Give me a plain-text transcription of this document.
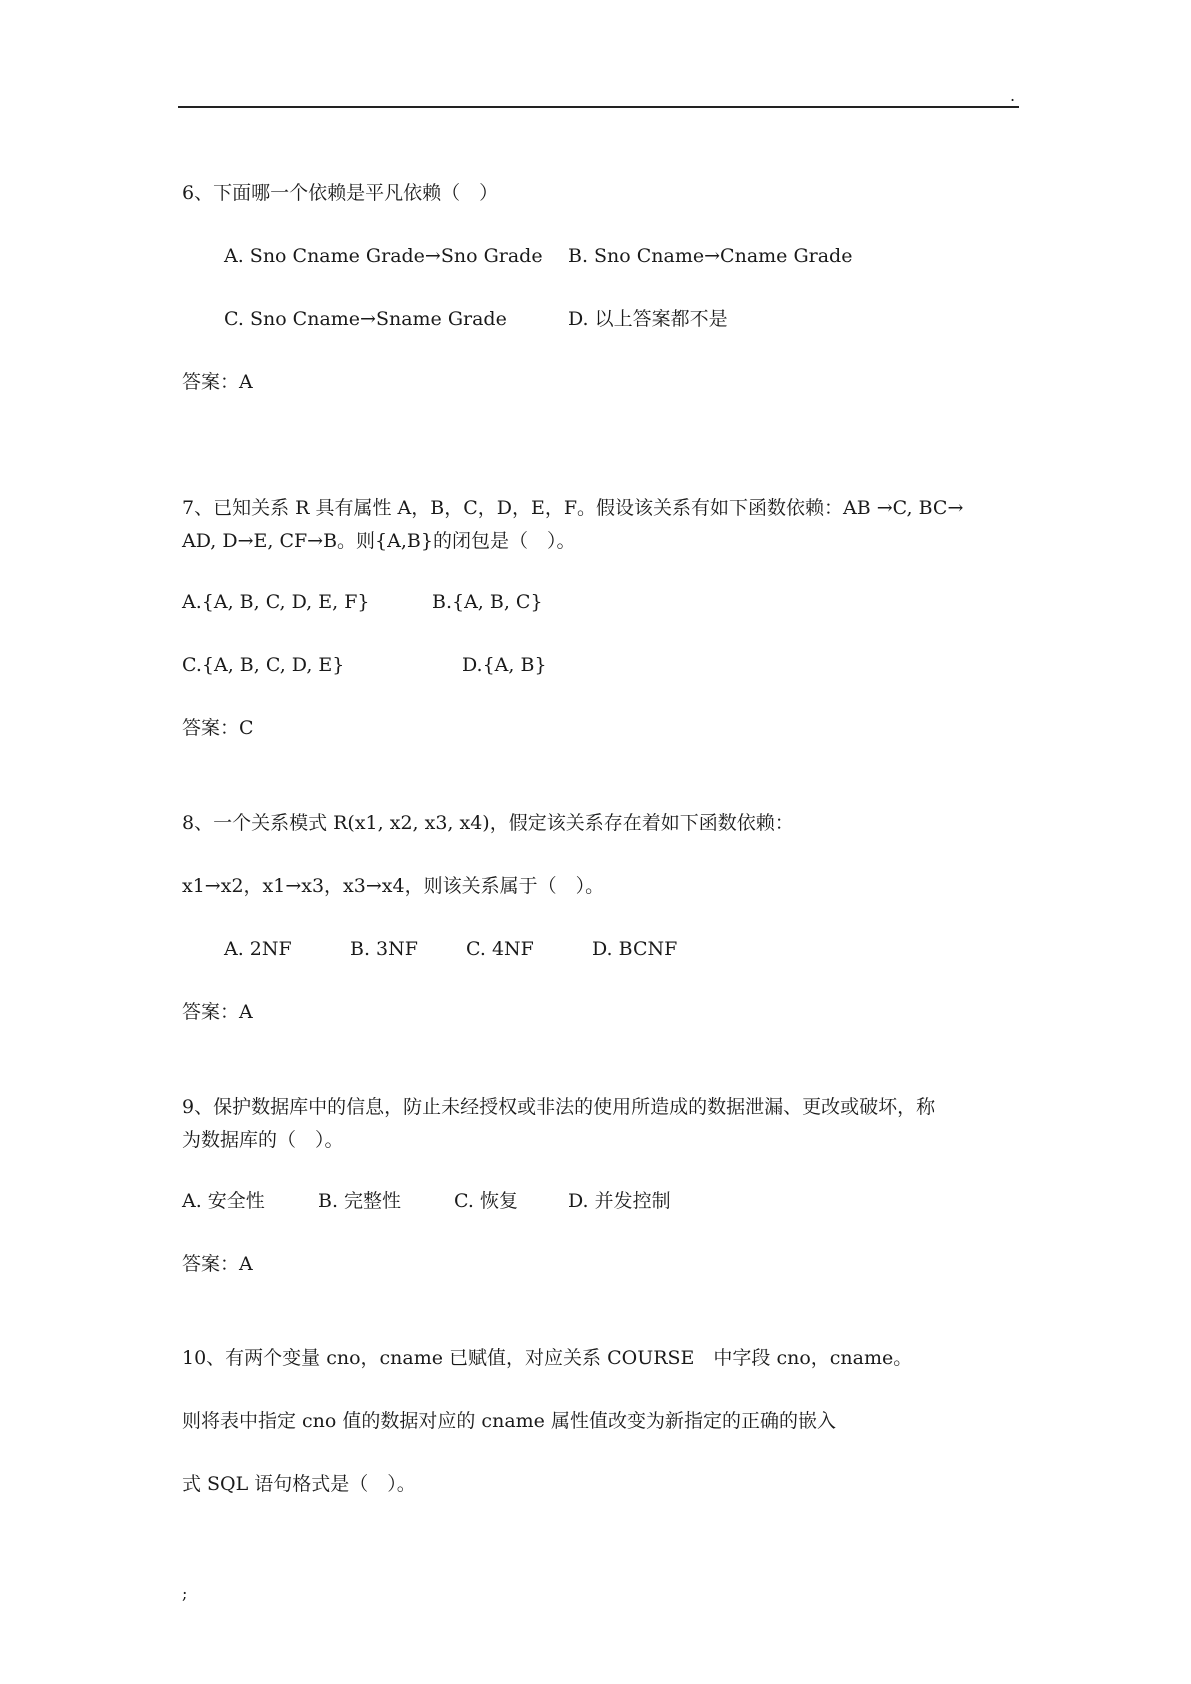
.
6、下面哪一个依赖是平凡依赖（　）
A. Sno Cname Grade→Sno Grade B. Sno Cname→Cname Grade
C. Sno Cname→Sname Grade	D. 以上答案都不是
答案：A
7、已知关系 R 具有属性 A，B，C，D，E，F。假设该关系有如下函数依赖：AB →C, BC→
AD, D→E, CF→B。则{A,B}的闭包是（　）。
A.{A, B, C, D, E, F}	B.{A, B, C}
C.{A, B, C, D, E}	D.{A, B}
答案：C
8、一个关系模式 R(x1, x2, x3, x4)，假定该关系存在着如下函数依赖：
x1→x2，x1→x3，x3→x4，则该关系属于（　）。
A. 2NF	B. 3NF	C. 4NF	D. BCNF
答案：A
9、保护数据库中的信息，防止未经授权或非法的使用所造成的数据泄漏、更改或破坏，称
为数据库的（　）。
A. 安全性	B. 完整性	C. 恢复	D. 并发控制
答案：A
10、有两个变量 cno，cname 已赋值，对应关系 COURSE　中字段 cno，cname。
则将表中指定 cno 值的数据对应的 cname 属性值改变为新指定的正确的嵌入
式 SQL 语句格式是（　）。
;
